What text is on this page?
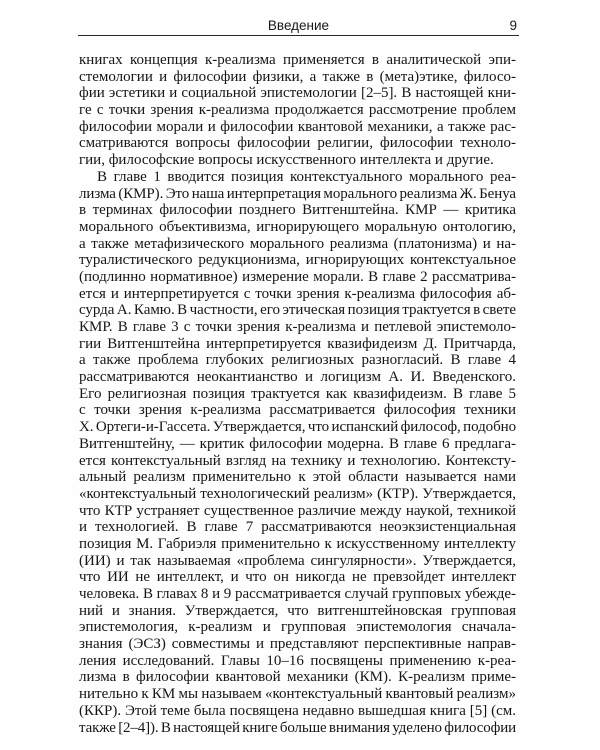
Введение	9
книгах концепция к-реализма применяется в аналитической эпи-
стемологии и философии физики, а также в (мета)этике, филосо-
фии эстетики и социальной эпистемологии [2–5]. В настоящей кни-
ге с точки зрения к-реализма продолжается рассмотрение проблем
философии морали и философии квантовой механики, а также рас-
сматриваются вопросы философии религии, философии техноло-
гии, философские вопросы искусственного интеллекта и другие.
В главе 1 вводится позиция контекстуального морального реа-
лизма (КМР). Это наша интерпретация морального реализма Ж. Бенуа
в терминах философии позднего Витгенштейна. КМР — критика
морального объективизма, игнорирующего моральную онтологию,
а также метафизического морального реализма (платонизма) и на-
туралистического редукционизма, игнорирующих контекстуальное
(подлинно нормативное) измерение морали. В главе 2 рассматрива-
ется и интерпретируется с точки зрения к-реализма философия аб-
сурда А. Камю. В частности, его этическая позиция трактуется в свете
КМР. В главе 3 с точки зрения к-реализма и петлевой эпистемоло-
гии Витгенштейна интерпретируется квазифидеизм Д. Притчарда,
а также проблема глубоких религиозных разногласий. В главе 4
рассматриваются неокантианство и логицизм А. И. Введенского.
Его религиозная позиция трактуется как квазифидеизм. В главе 5
с точки зрения к-реализма рассматривается философия техники
Х. Ортеги-и-Гассета. Утверждается, что испанский философ, подобно
Витгенштейну, — критик философии модерна. В главе 6 предлага-
ется контекстуальный взгляд на технику и технологию. Контексту-
альный реализм применительно к этой области называется нами
«контекстуальный технологический реализм» (КТР). Утверждается,
что КТР устраняет существенное различие между наукой, техникой
и технологией. В главе 7 рассматриваются неоэкзистенциальная
позиция М. Габриэля применительно к искусственному интеллекту
(ИИ) и так называемая «проблема сингулярности». Утверждается,
что ИИ не интеллект, и что он никогда не превзойдет интеллект
человека. В главах 8 и 9 рассматривается случай групповых убежде-
ний и знания. Утверждается, что витгенштейновская групповая
эпистемология, к-реализм и групповая эпистемология сначала-
знания (ЭСЗ) совместимы и представляют перспективные направ-
ления исследований. Главы 10–16 посвящены применению к-реа-
лизма в философии квантовой механики (КМ). К-реализм приме-
нительно к КМ мы называем «контекстуальный квантовый реализм»
(ККР). Этой теме была посвящена недавно вышедшая книга [5] (см.
также [2–4]). В настоящей книге больше внимания уделено философии
